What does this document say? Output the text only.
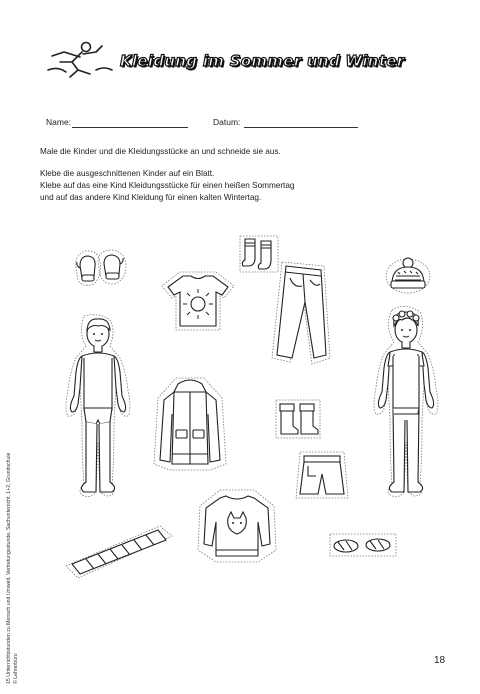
Kleidung im Sommer und Winter
Name:	Datum:
Male die Kinder und die Kleidungsstücke an und schneide sie aus.
Klebe die ausgeschnittenen Kinder auf ein Blatt.
Klebe auf das eine Kind Kleidungsstücke für einen heißen Sommertag
und auf das andere Kind Kleidung für einen kalten Wintertag.
15 Unterrichtsstunden zu Mensch und Umwelt, Vertretungsstunde, Sachunterricht, 1+2, Grundschule © Lehrerbüro	18
